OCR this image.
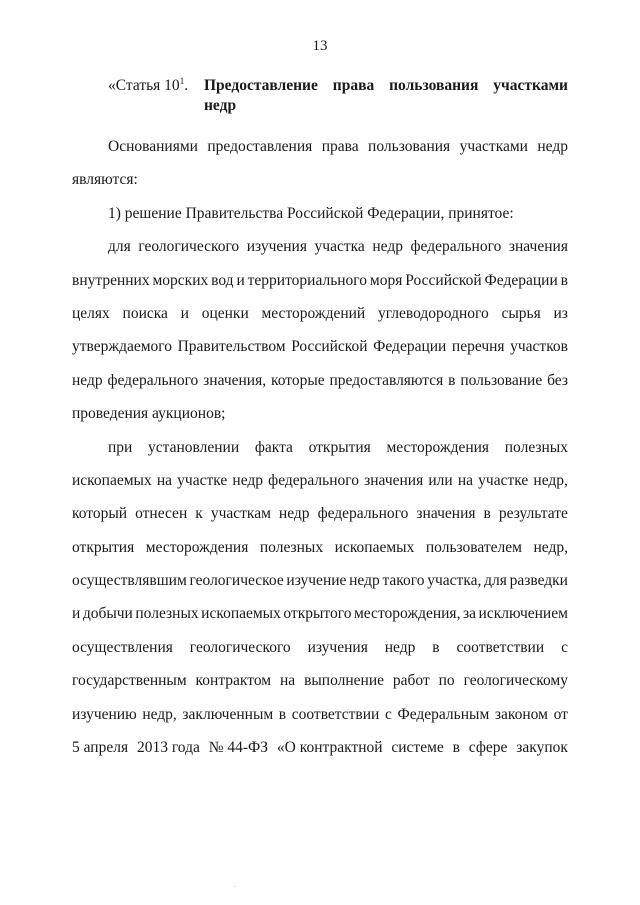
13
«Статья $10^1$.	Предоставление права пользования участками
недр
Основаниями предоставления права пользования участками недр
являются:
1) решение Правительства Российской Федерации, принятое:
для геологического изучения участка недр федерального значения
внутренних морских вод и территориального моря Российской Федерации в
целях поиска и оценки месторождений углеводородного сырья из
утверждаемого Правительством Российской Федерации перечня участков
недр федерального значения, которые предоставляются в пользование без
проведения аукционов;
при установлении факта открытия месторождения полезных
ископаемых на участке недр федерального значения или на участке недр,
который отнесен к участкам недр федерального значения в результате
открытия месторождения полезных ископаемых пользователем недр,
осуществлявшим геологическое изучение недр такого участка, для разведки
и добычи полезных ископаемых открытого месторождения, за исключением
осуществления геологического изучения недр в соответствии с
государственным контрактом на выполнение работ по геологическому
изучению недр, заключенным в соответствии с Федеральным законом от
5 апреля 2013 года № 44-ФЗ «О контрактной системе в сфере закупок
.
